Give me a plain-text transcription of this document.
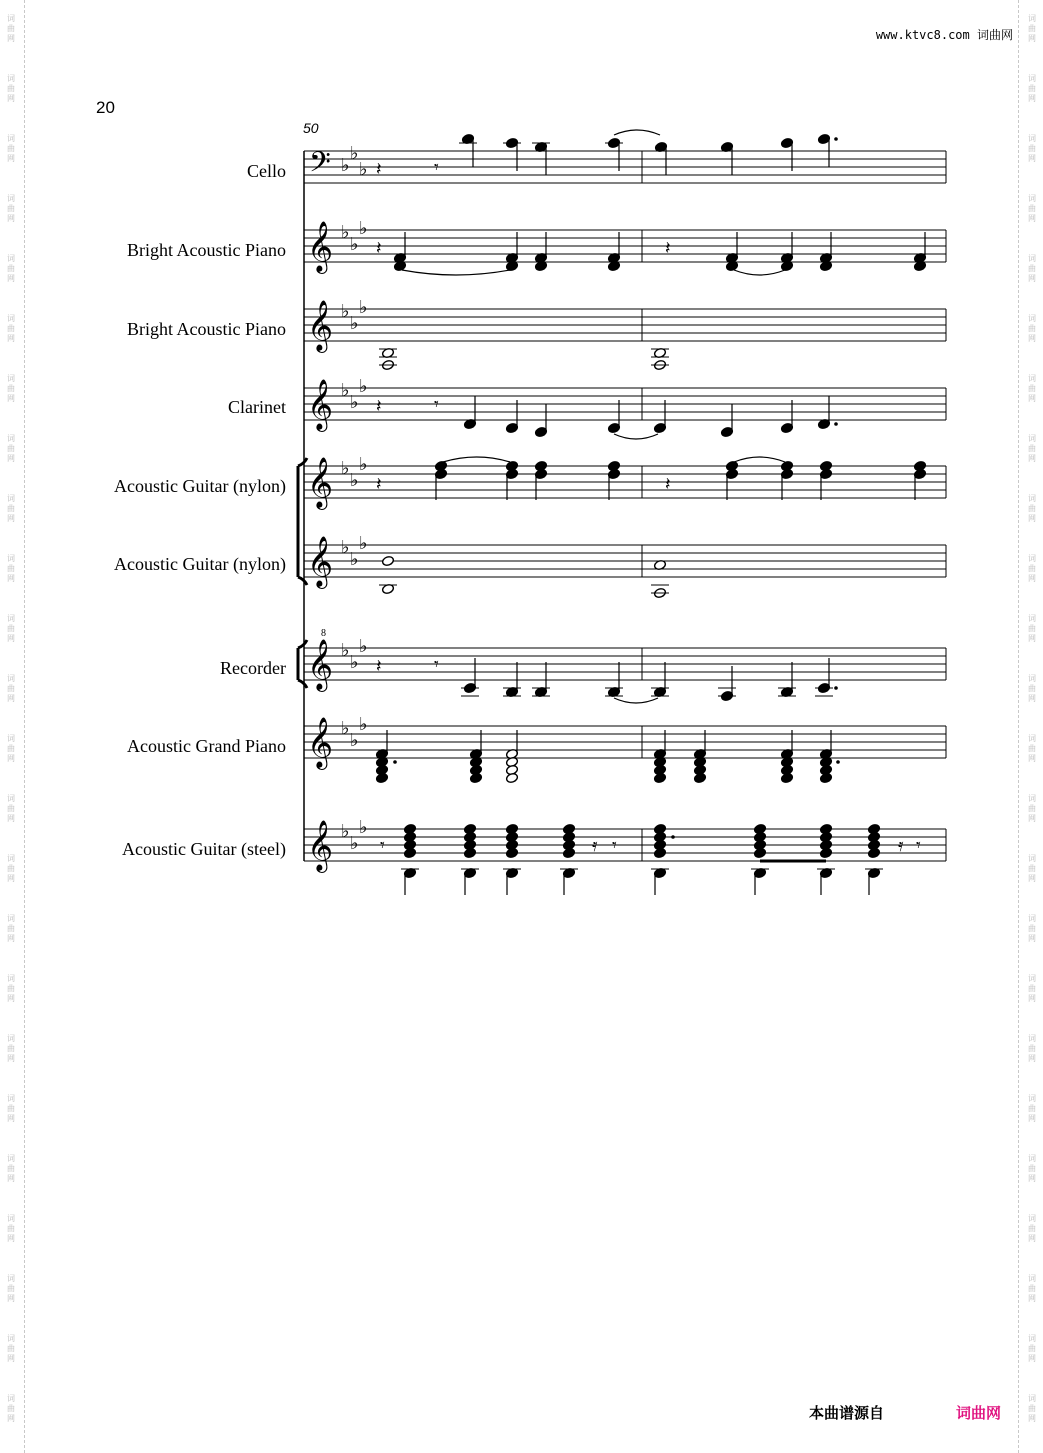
词
曲
网
词
曲
网
词
曲
网
词
曲
网
词
曲
网
词
曲
网
词
曲
网
词
曲
网
词
曲
网
词
曲
网
词
曲
网
词
曲
网
词
曲
网
词
曲
网
词
曲
网
词
曲
网
词
曲
网
词
曲
网
词
曲
网
词
曲
网
词
曲
网
词
曲
网
词
曲
网
词
曲
网
词
曲
网
词
曲
网
词
曲
网
词
曲
网
词
曲
网
词
曲
网
词
曲
网
词
曲
网
词
曲
网
词
曲
网
词
曲
网
词
曲
网
词
曲
网
词
曲
网
词
曲
网
词
曲
网
词
曲
网
词
曲
网
词
曲
网
词
曲
网
词
曲
网
词
曲
网
词
曲
网
词
曲
网
www.ktvc8.com 词曲网
20
50
Cello
Bright Acoustic Piano
Bright Acoustic Piano
Clarinet
Acoustic Guitar (nylon)
Acoustic Guitar (nylon)
Recorder
Acoustic Grand Piano
Acoustic Guitar (steel)
𝄢 ♭
♭
♭
𝄞 ♭
♭
♭
𝄞 ♭
♭
♭
𝄞 ♭
♭
♭
𝄞 ♭
♭
♭
𝄞 ♭
♭
♭
𝄞
8
♭
♭
♭
𝄞 ♭
♭
♭
𝄞 ♭
♭
♭
𝄽	𝄾
𝄽	𝄽
𝄽	𝄾
𝄽	𝄽
𝄽	𝄾
𝄾	𝄿 𝄾	𝄿 𝄾
本曲谱源自	词曲网
